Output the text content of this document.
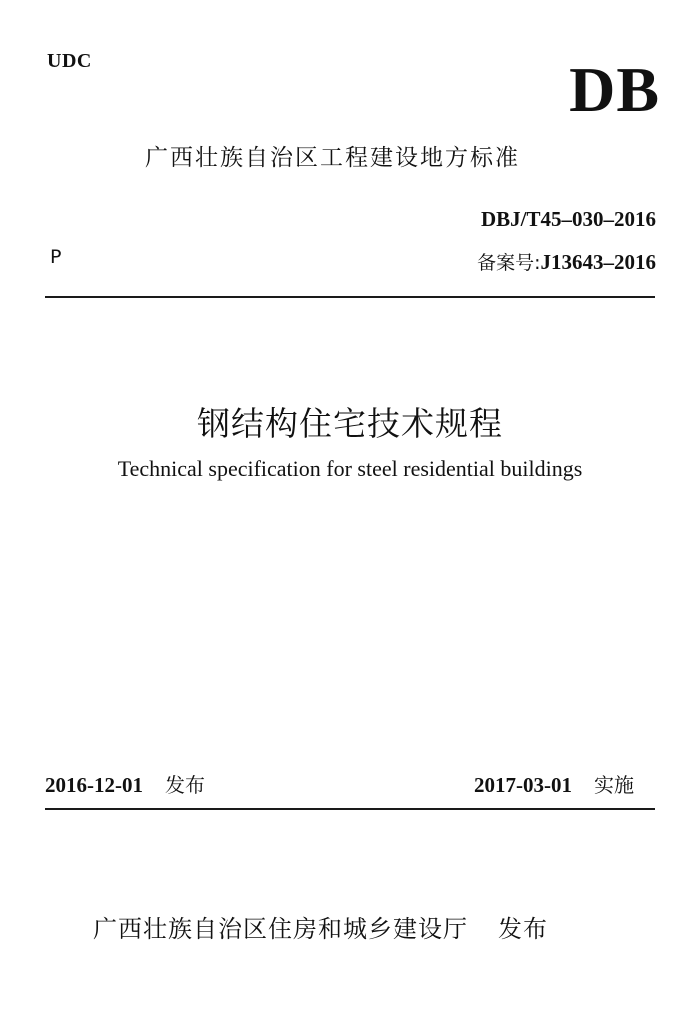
UDC	DB
广西壮族自治区工程建设地方标准
DBJ/T45–030–2016
P	备案号:J13643–2016
钢结构住宅技术规程
Technical specification for steel residential buildings
2016-12-01 发布	2017-03-01 实施
广西壮族自治区住房和城乡建设厅 发布
